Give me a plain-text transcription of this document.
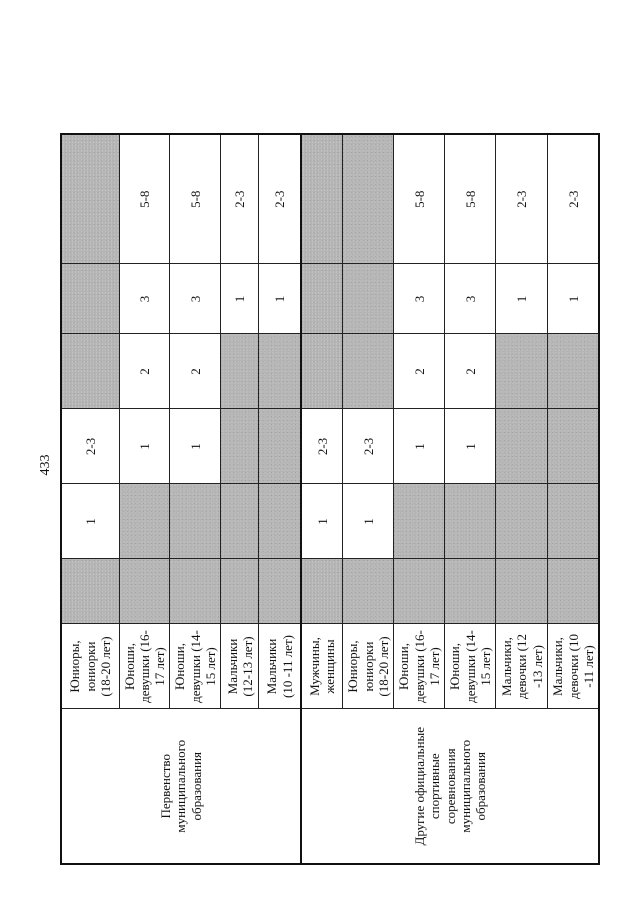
433
Первенство муниципального образования	Юниоры, юниорки (18-20 лет)		1	2-3			
	Юноши, девушки (16-17 лет)			1	2	3	5-8
	Юноши, девушки (14-15 лет)			1	2	3	5-8
	Мальчики (12-13 лет)					1	2-3
	Мальчики (10 -11 лет)					1	2-3
Другие официальные спортивные соревнования муниципального образования	Мужчины, женщины		1	2-3			
	Юниоры, юниорки (18-20 лет)		1	2-3			
	Юноши, девушки (16-17 лет)			1	2	3	5-8
	Юноши, девушки (14-15 лет)			1	2	3	5-8
	Мальчики, девочки (12 -13 лет)					1	2-3
	Мальчики, девочки (10 -11 лет)					1	2-3
